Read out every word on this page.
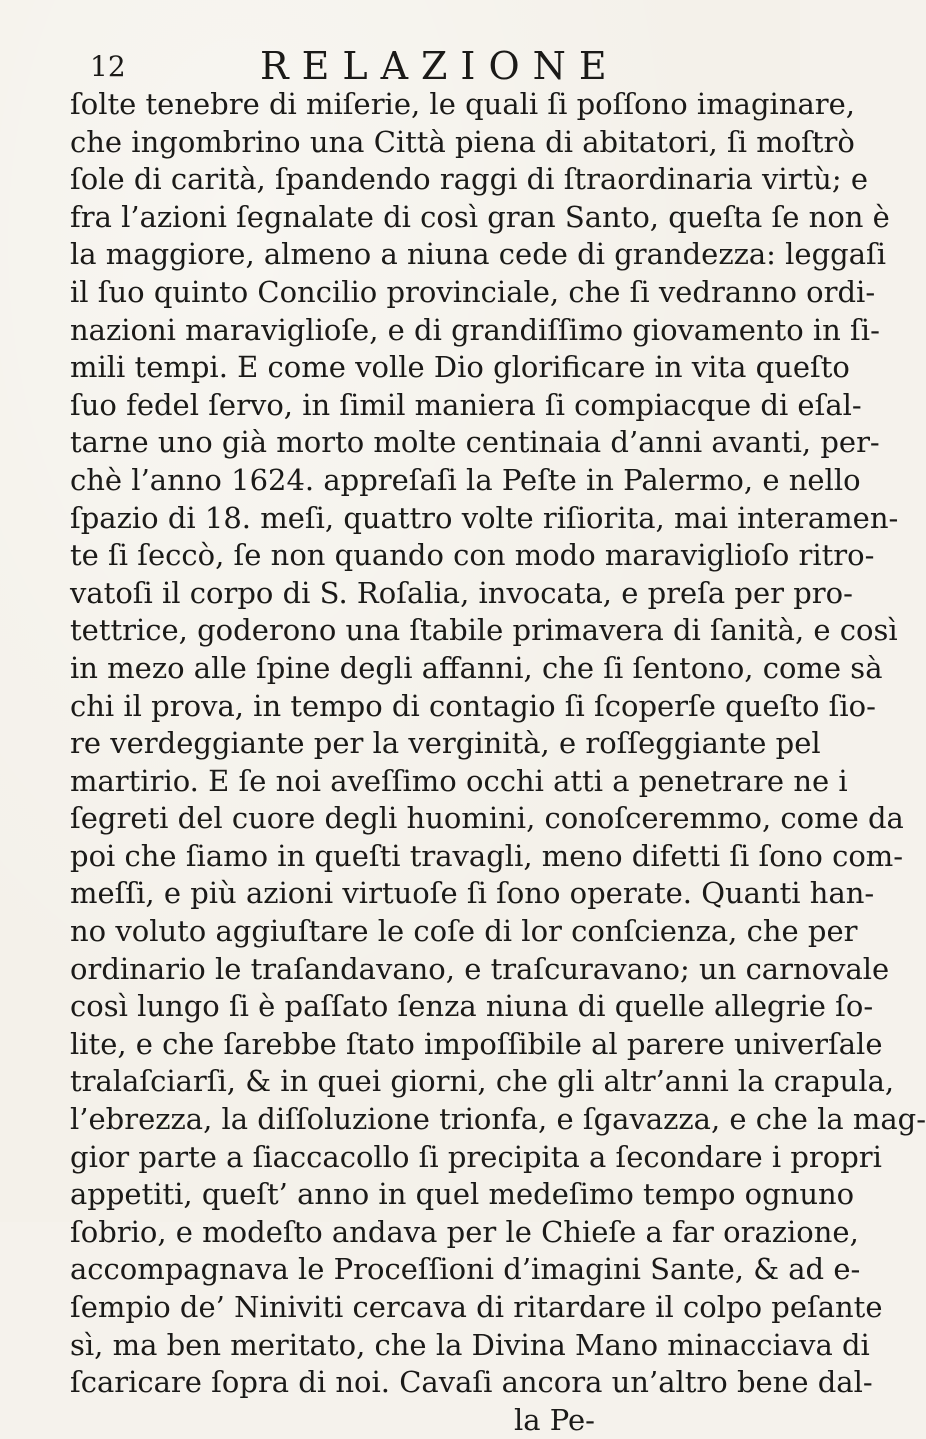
12	RELAZIONE
ſolte tenebre di miſerie, le quali ſi poſſono imaginare,
che ingombrino una Città piena di abitatori, ſi moſtrò
ſole di carità, ſpandendo raggi di ſtraordinaria virtù; e
fra l’azioni ſegnalate di così gran Santo, queſta ſe non è
la maggiore, almeno a niuna cede di grandezza: leggaſi
il ſuo quinto Concilio provinciale, che ſi vedranno ordi-
nazioni maraviglioſe, e di grandiſſimo giovamento in ſi-
mili tempi. E come volle Dio glorificare in vita queſto
ſuo fedel ſervo, in ſimil maniera ſi compiacque di eſal-
tarne uno già morto molte centinaia d’anni avanti, per-
chè l’anno 1624. appreſaſi la Peſte in Palermo, e nello
ſpazio di 18. meſi, quattro volte riſiorita, mai interamen-
te ſi ſeccò, ſe non quando con modo maraviglioſo ritro-
vatoſi il corpo di S. Roſalia, invocata, e preſa per pro-
tettrice, goderono una ſtabile primavera di ſanità, e così
in mezo alle ſpine degli affanni, che ſi ſentono, come sà
chi il prova, in tempo di contagio ſi ſcoperſe queſto ſio-
re verdeggiante per la verginità, e roſſeggiante pel
martirio. E ſe noi aveſſimo occhi atti a penetrare ne i
ſegreti del cuore degli huomini, conoſceremmo, come da
poi che ſiamo in queſti travagli, meno difetti ſi ſono com-
meſſi, e più azioni virtuoſe ſi ſono operate. Quanti han-
no voluto aggiuſtare le coſe di lor conſcienza, che per
ordinario le traſandavano, e traſcuravano; un carnovale
così lungo ſi è paſſato ſenza niuna di quelle allegrie ſo-
lite, e che ſarebbe ſtato impoſſibile al parere univerſale
tralaſciarſi, & in quei giorni, che gli altr’anni la crapula,
l’ebrezza, la diſſoluzione trionfa, e ſgavazza, e che la mag-
gior parte a ſiaccacollo ſi precipita a ſecondare i propri
appetiti, queſt’ anno in quel medeſimo tempo ognuno
ſobrio, e modeſto andava per le Chieſe a far orazione,
accompagnava le Proceſſioni d’imagini Sante, & ad e-
ſempio de’ Niniviti cercava di ritardare il colpo peſante
sì, ma ben meritato, che la Divina Mano minacciava di
ſcaricare ſopra di noi. Cavaſi ancora un’altro bene dal-
la Pe-
